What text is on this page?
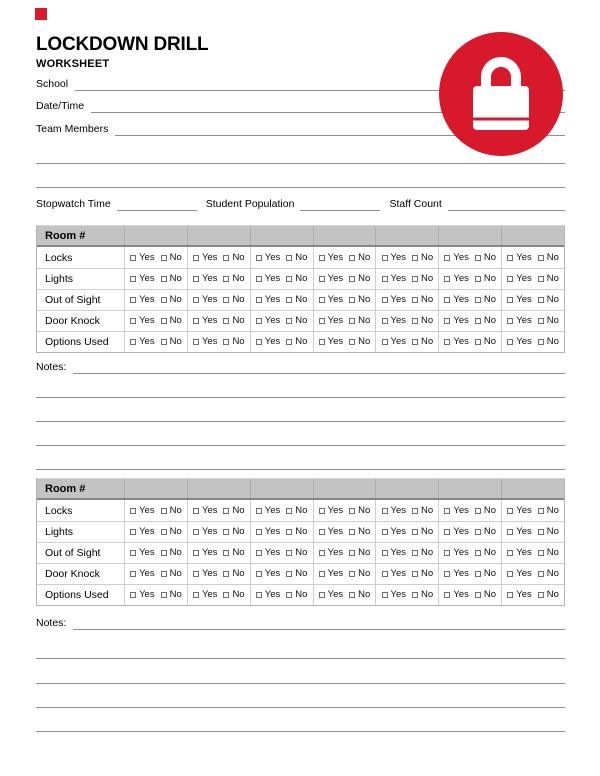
LOCKDOWN DRILL
WORKSHEET
School
Date/Time
Team Members
Stopwatch Time	Student Population	Staff Count
Room #
Locks	Yes No Yes No Yes No Yes No Yes No Yes No Yes No
Lights	Yes No Yes No Yes No Yes No Yes No Yes No Yes No
Out of Sight	Yes No Yes No Yes No Yes No Yes No Yes No Yes No
Door Knock	Yes No Yes No Yes No Yes No Yes No Yes No Yes No
Options Used	Yes No Yes No Yes No Yes No Yes No Yes No Yes No
Notes:
Room #
Locks	Yes No Yes No Yes No Yes No Yes No Yes No Yes No
Lights	Yes No Yes No Yes No Yes No Yes No Yes No Yes No
Out of Sight	Yes No Yes No Yes No Yes No Yes No Yes No Yes No
Door Knock	Yes No Yes No Yes No Yes No Yes No Yes No Yes No
Options Used	Yes No Yes No Yes No Yes No Yes No Yes No Yes No
Notes:
